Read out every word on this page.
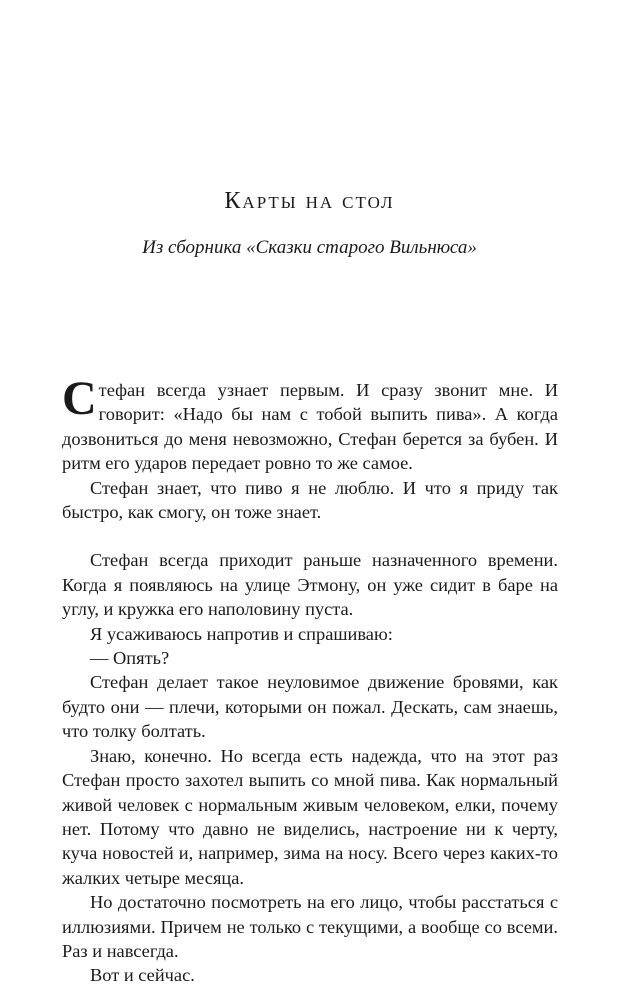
Карты на стол
Из сборника «Сказки старого Вильнюса»

Стефан всегда узнает первым. И сразу звонит мне. И говорит: «Надо бы нам с тобой выпить пива». А когда дозвониться до меня невозможно, Стефан берется за бубен. И ритм его ударов передает ровно то же самое.

Стефан знает, что пиво я не люблю. И что я приду так быстро, как смогу, он тоже знает.

Стефан всегда приходит раньше назначенного времени. Когда я появляюсь на улице Этмону, он уже сидит в баре на углу, и кружка его наполовину пуста.

Я усаживаюсь напротив и спрашиваю:

— Опять?

Стефан делает такое неуловимое движение бровями, как будто они — плечи, которыми он пожал. Дескать, сам знаешь, что толку болтать.

Знаю, конечно. Но всегда есть надежда, что на этот раз Стефан просто захотел выпить со мной пива. Как нормальный живой человек с нормальным живым человеком, елки, почему нет. Потому что давно не виделись, настроение ни к черту, куча новостей и, например, зима на носу. Всего через каких-то жалких четыре месяца.

Но достаточно посмотреть на его лицо, чтобы расстаться с иллюзиями. Причем не только с текущими, а вообще со всеми. Раз и навсегда.

Вот и сейчас.
